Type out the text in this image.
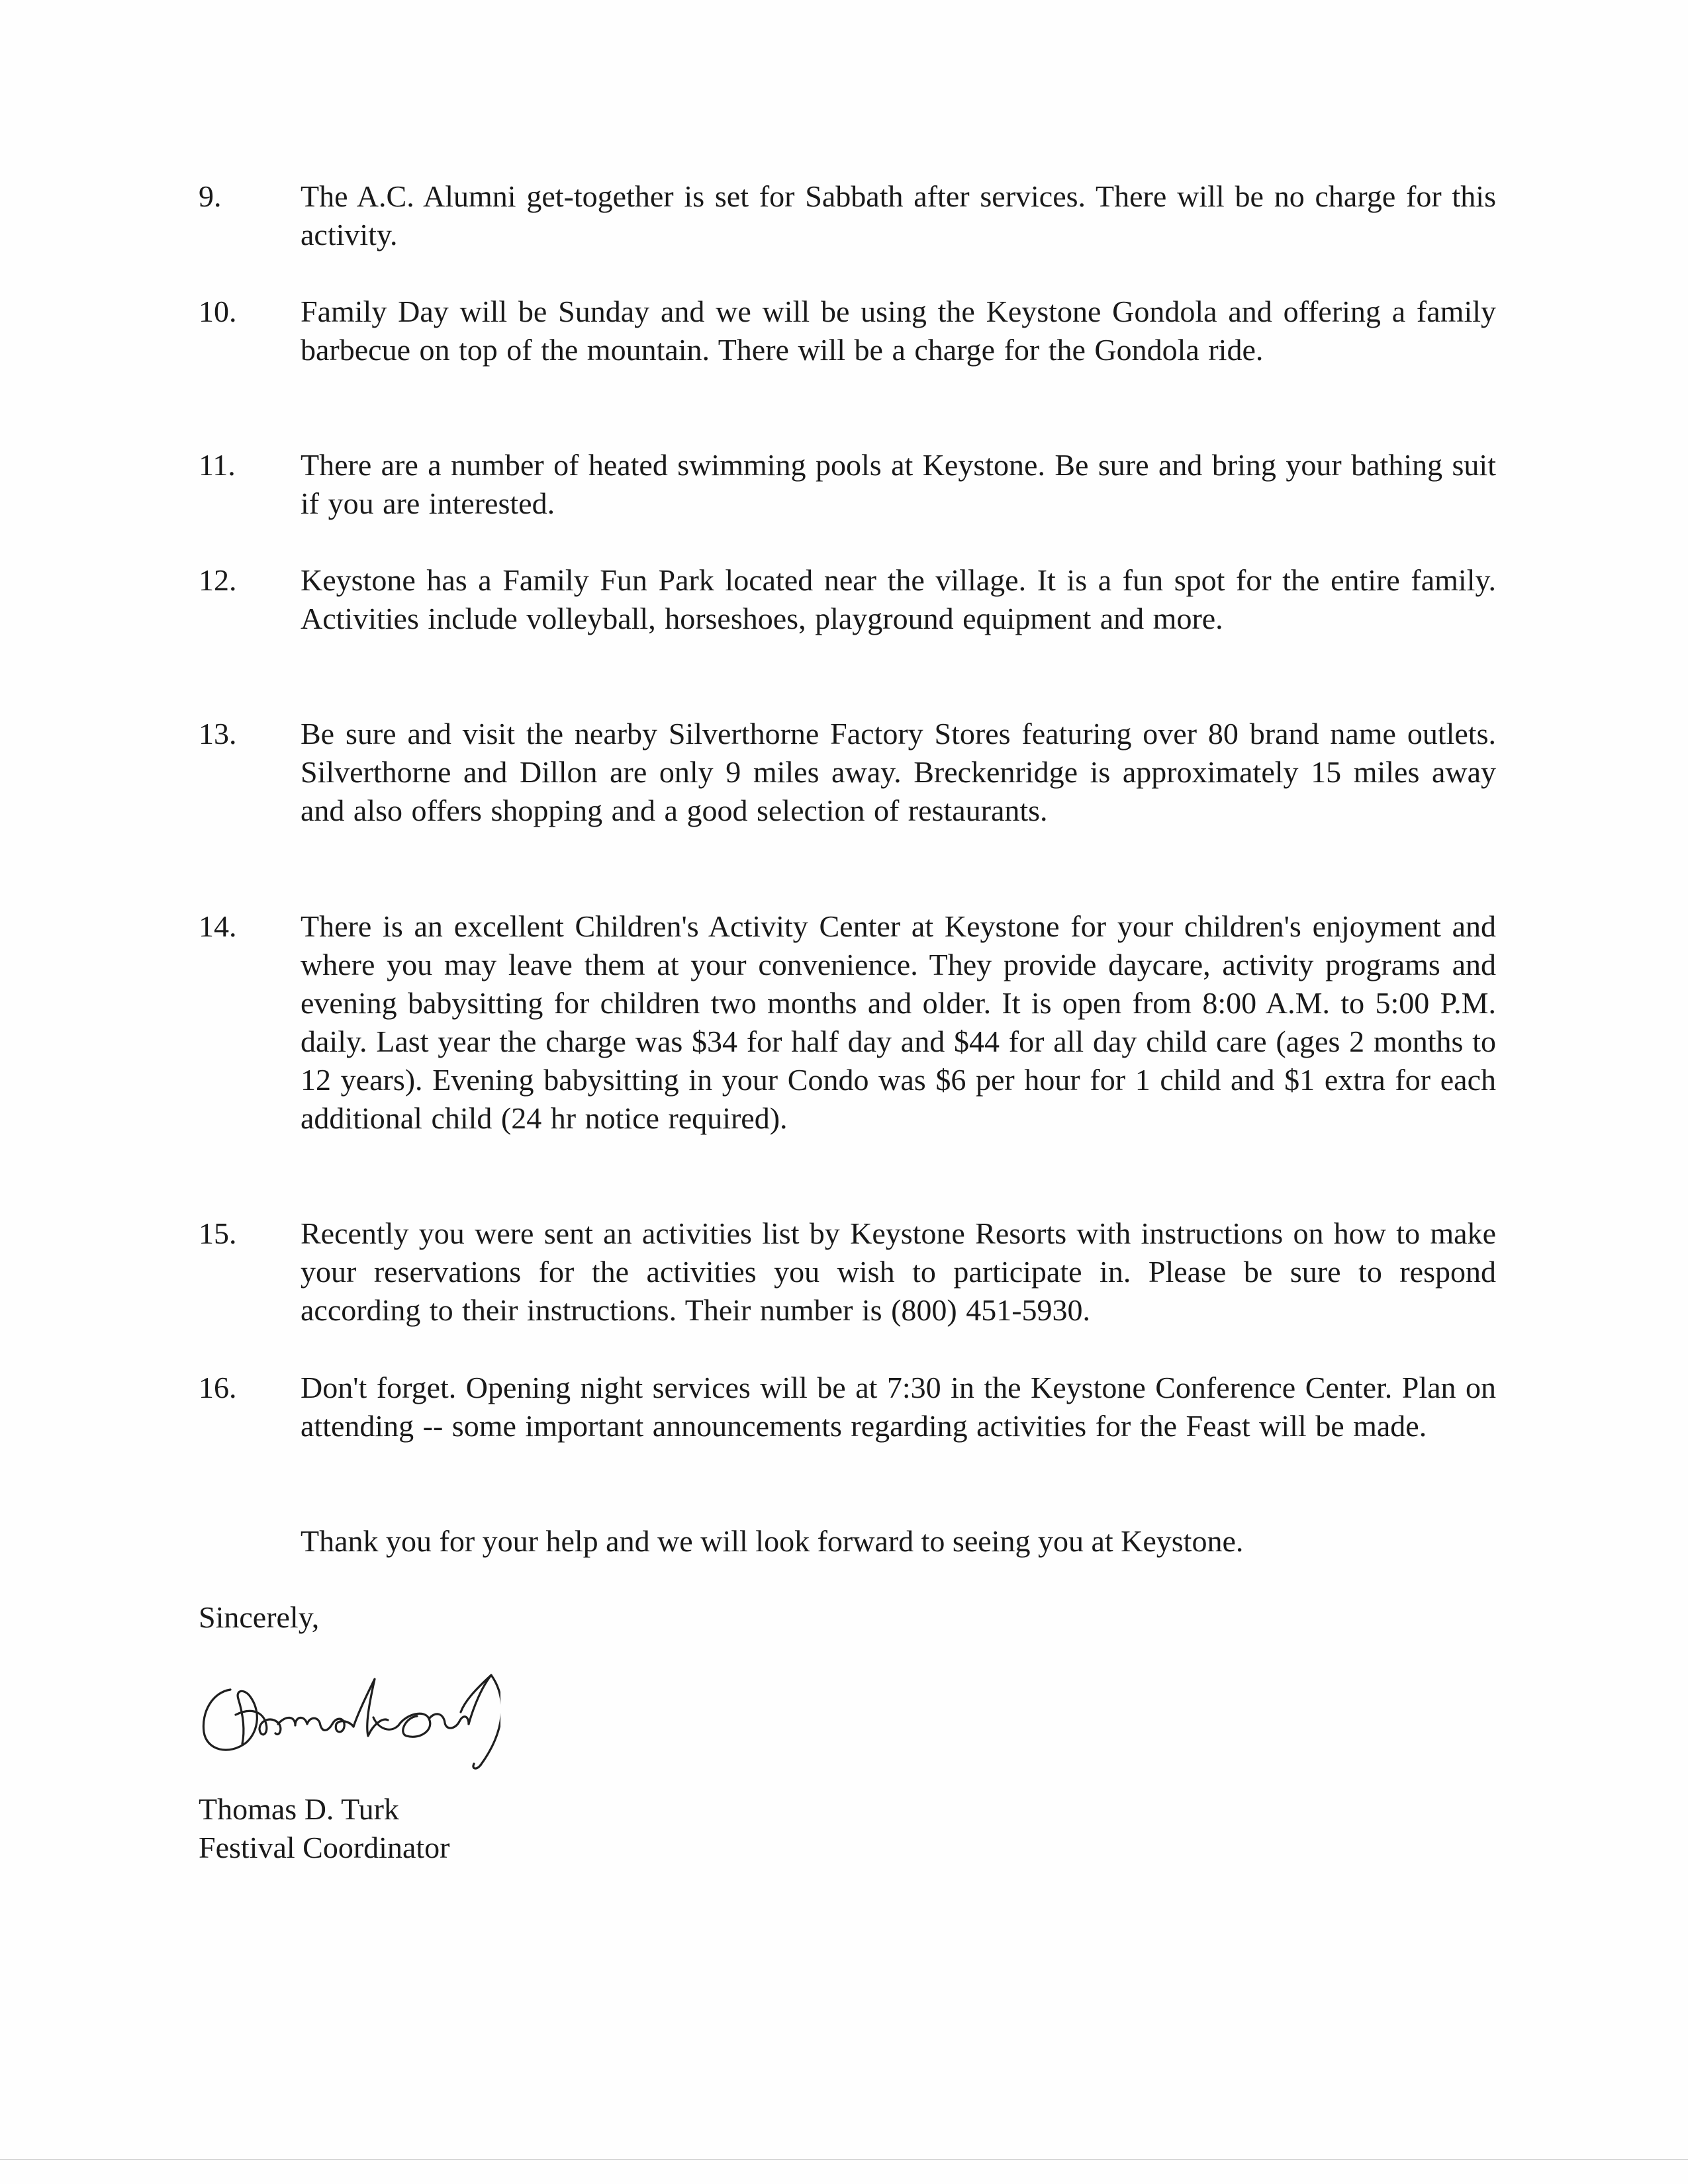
9.	The A.C. Alumni get-together is set for Sabbath after services. There will be no charge for this activity.
10. Family Day will be Sunday and we will be using the Keystone Gondola and offering a family barbecue on top of the mountain. There will be a charge for the Gondola ride.
11. There are a number of heated swimming pools at Keystone. Be sure and bring your bathing suit if you are interested.
12. Keystone has a Family Fun Park located near the village. It is a fun spot for the entire family. Activities include volleyball, horseshoes, playground equipment and more.
13. Be sure and visit the nearby Silverthorne Factory Stores featuring over 80 brand name outlets. Silverthorne and Dillon are only 9 miles away. Breckenridge is approximately 15 miles away and also offers shopping and a good selection of restaurants.
14. There is an excellent Children's Activity Center at Keystone for your children's enjoyment and where you may leave them at your convenience. They provide daycare, activity programs and evening babysitting for children two months and older. It is open from 8:00 A.M. to 5:00 P.M. daily. Last year the charge was $34 for half day and $44 for all day child care (ages 2 months to 12 years). Evening babysitting in your Condo was $6 per hour for 1 child and $1 extra for each additional child (24 hr notice required).
15. Recently you were sent an activities list by Keystone Resorts with instructions on how to make your reservations for the activities you wish to participate in. Please be sure to respond according to their instructions. Their number is (800) 451-5930.
16. Don't forget. Opening night services will be at 7:30 in the Keystone Conference Center. Plan on attending -- some important announcements regarding activities for the Feast will be made.
Thank you for your help and we will look forward to seeing you at Keystone.
Sincerely,
Thomas D. Turk
Festival Coordinator
